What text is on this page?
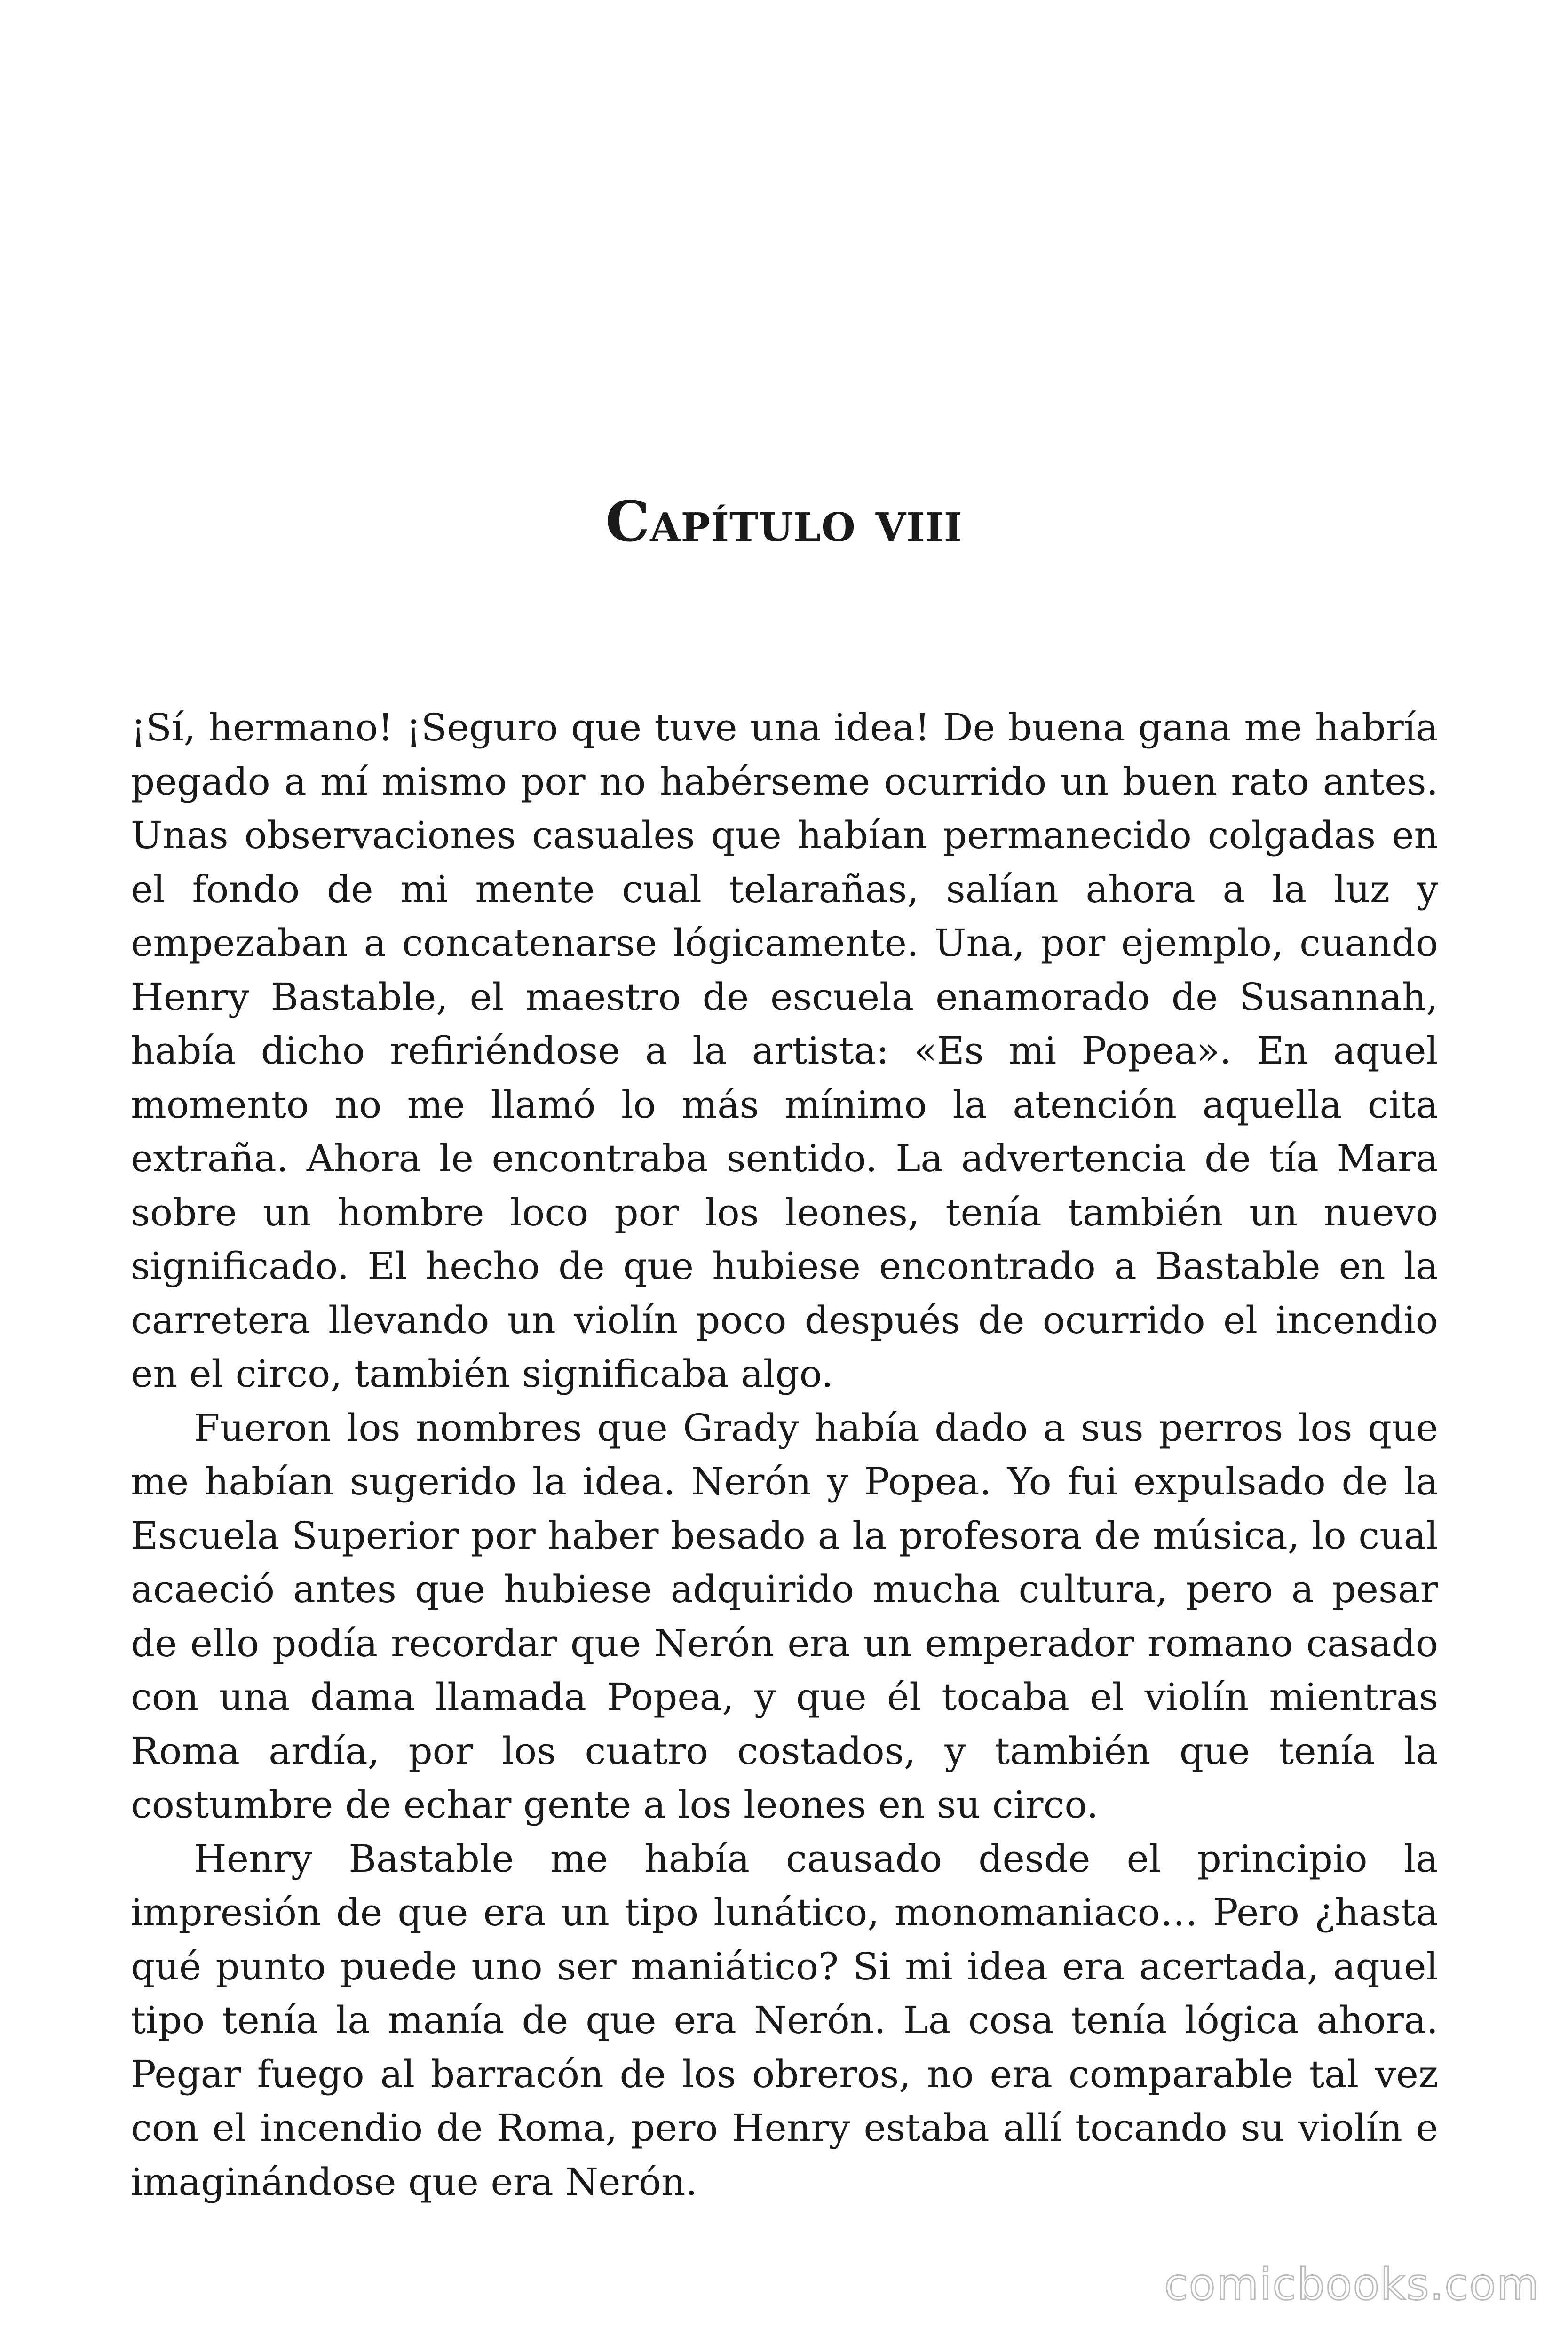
Capítulo viii

¡Sí, hermano! ¡Seguro que tuve una idea! De buena gana me habría pegado a mí mismo por no habérseme ocurrido un buen rato antes. Unas observaciones casuales que habían permanecido colgadas en el fondo de mi mente cual telarañas, salían ahora a la luz y empezaban a concatenarse lógicamente. Una, por ejemplo, cuando Henry Bastable, el maestro de escuela enamorado de Susannah, había dicho refiriéndose a la artista: «Es mi Popea». En aquel momento no me llamó lo más mínimo la atención aquella cita extraña. Ahora le encontraba sentido. La advertencia de tía Mara sobre un hombre loco por los leones, tenía también un nuevo significado. El hecho de que hubiese encontrado a Bastable en la carretera llevando un violín poco después de ocurrido el incendio en el circo, también significaba algo.

Fueron los nombres que Grady había dado a sus perros los que me habían sugerido la idea. Nerón y Popea. Yo fui expulsado de la Escuela Superior por haber besado a la profesora de música, lo cual acaeció antes que hubiese adquirido mucha cultura, pero a pesar de ello podía recordar que Nerón era un emperador romano casado con una dama llamada Popea, y que él tocaba el violín mientras Roma ardía, por los cuatro costados, y también que tenía la costumbre de echar gente a los leones en su circo.

Henry Bastable me había causado desde el principio la impresión de que era un tipo lunático, monomaniaco… Pero ¿hasta qué punto puede uno ser maniático? Si mi idea era acertada, aquel tipo tenía la manía de que era Nerón. La cosa tenía lógica ahora. Pegar fuego al barracón de los obreros, no era comparable tal vez con el incendio de Roma, pero Henry estaba allí tocando su violín e imaginándose que era Nerón.

comicbooks.com
